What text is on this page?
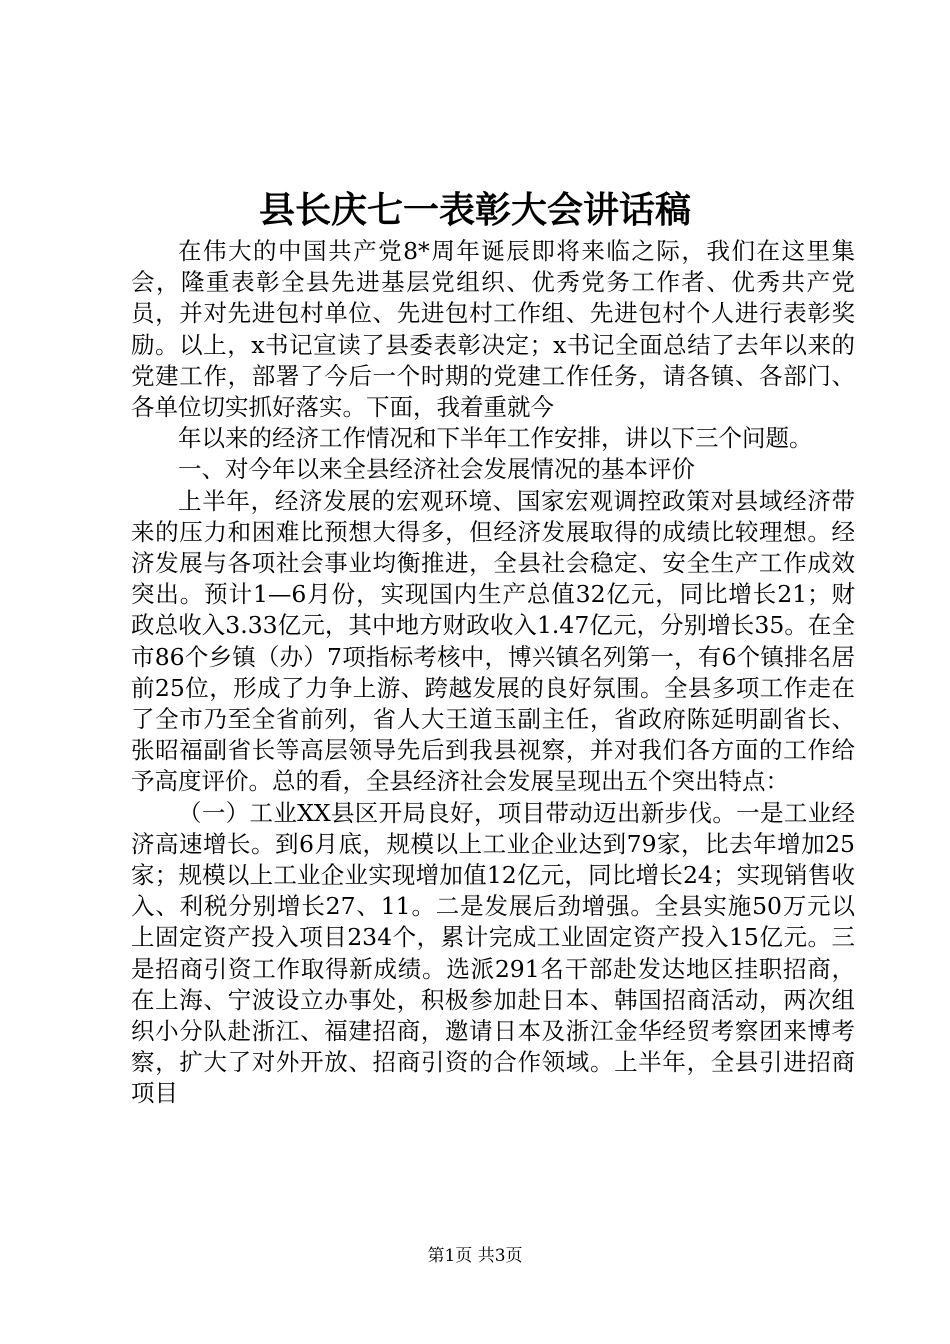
县长庆七一表彰大会讲话稿

在伟大的中国共产党8*周年诞辰即将来临之际，我们在这里集会，隆重表彰全县先进基层党组织、优秀党务工作者、优秀共产党员，并对先进包村单位、先进包村工作组、先进包村个人进行表彰奖励。以上，x书记宣读了县委表彰决定；x书记全面总结了去年以来的党建工作，部署了今后一个时期的党建工作任务，请各镇、各部门、各单位切实抓好落实。下面，我着重就今

年以来的经济工作情况和下半年工作安排，讲以下三个问题。

一、对今年以来全县经济社会发展情况的基本评价

上半年，经济发展的宏观环境、国家宏观调控政策对县域经济带来的压力和困难比预想大得多，但经济发展取得的成绩比较理想。经济发展与各项社会事业均衡推进，全县社会稳定、安全生产工作成效突出。预计1—6月份，实现国内生产总值32亿元，同比增长21；财政总收入3.33亿元，其中地方财政收入1.47亿元，分别增长35。在全市86个乡镇（办）7项指标考核中，博兴镇名列第一，有6个镇排名居前25位，形成了力争上游、跨越发展的良好氛围。全县多项工作走在了全市乃至全省前列，省人大王道玉副主任，省政府陈延明副省长、张昭福副省长等高层领导先后到我县视察，并对我们各方面的工作给予高度评价。总的看，全县经济社会发展呈现出五个突出特点：

（一）工业XX县区开局良好，项目带动迈出新步伐。一是工业经济高速增长。到6月底，规模以上工业企业达到79家，比去年增加25家；规模以上工业企业实现增加值12亿元，同比增长24；实现销售收入、利税分别增长27、11。二是发展后劲增强。全县实施50万元以上固定资产投入项目234个，累计完成工业固定资产投入15亿元。三是招商引资工作取得新成绩。选派291名干部赴发达地区挂职招商，在上海、宁波设立办事处，积极参加赴日本、韩国招商活动，两次组织小分队赴浙江、福建招商，邀请日本及浙江金华经贸考察团来博考察，扩大了对外开放、招商引资的合作领域。上半年，全县引进招商项目

第1页 共3页
